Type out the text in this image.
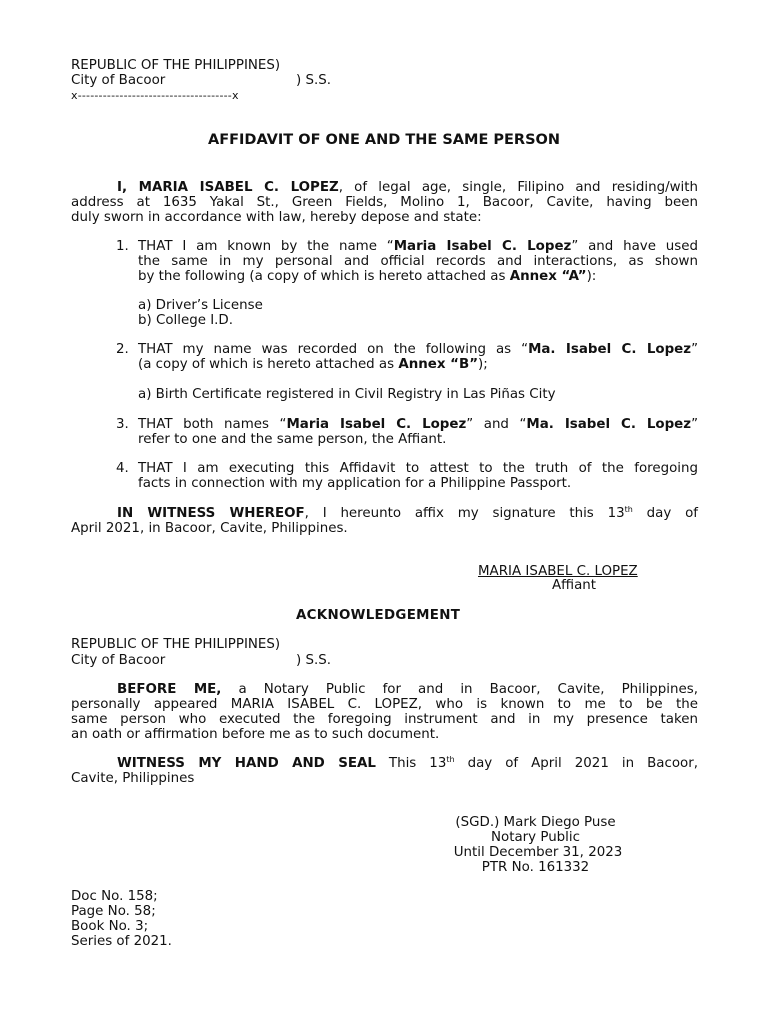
REPUBLIC OF THE PHILIPPINES)
City of Bacoor	) S.S.
x-------------------------------------x
AFFIDAVIT OF ONE AND THE SAME PERSON
I, MARIA ISABEL C. LOPEZ, of legal age, single, Filipino and residing/with
address at 1635 Yakal St., Green Fields, Molino 1, Bacoor, Cavite, having been
duly sworn in accordance with law, hereby depose and state:
1. THAT I am known by the name “Maria Isabel C. Lopez” and have used
the same in my personal and official records and interactions, as shown
by the following (a copy of which is hereto attached as Annex “A”):
a) Driver’s License
b) College I.D.
2. THAT my name was recorded on the following as “Ma. Isabel C. Lopez”
(a copy of which is hereto attached as Annex “B”);
a) Birth Certificate registered in Civil Registry in Las Piñas City
3. THAT both names “Maria Isabel C. Lopez” and “Ma. Isabel C. Lopez”
refer to one and the same person, the Affiant.
4. THAT I am executing this Affidavit to attest to the truth of the foregoing
facts in connection with my application for a Philippine Passport.
IN WITNESS WHEREOF, I hereunto affix my signature this 13th day of
April 2021, in Bacoor, Cavite, Philippines.
MARIA ISABEL C. LOPEZ
Affiant
ACKNOWLEDGEMENT
REPUBLIC OF THE PHILIPPINES)
City of Bacoor	) S.S.
BEFORE ME, a Notary Public for and in Bacoor, Cavite, Philippines,
personally appeared MARIA ISABEL C. LOPEZ, who is known to me to be the
same person who executed the foregoing instrument and in my presence taken
an oath or affirmation before me as to such document.
WITNESS MY HAND AND SEAL This 13th day of April 2021 in Bacoor,
Cavite, Philippines
(SGD.) Mark Diego Puse
Notary Public
Until December 31, 2023
PTR No. 161332
Doc No. 158;
Page No. 58;
Book No. 3;
Series of 2021.
